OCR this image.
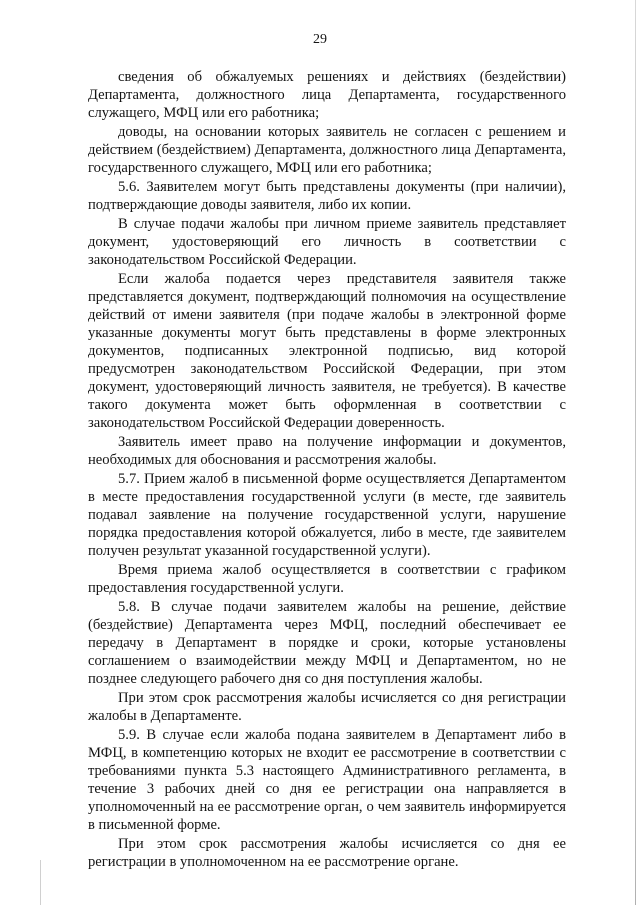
29

сведения об обжалуемых решениях и действиях (бездействии) Департамента, должностного лица Департамента, государственного служащего, МФЦ или его работника;

доводы, на основании которых заявитель не согласен с решением и действием (бездействием) Департамента, должностного лица Департамента, государственного служащего, МФЦ или его работника;

5.6. Заявителем могут быть представлены документы (при наличии), подтверждающие доводы заявителя, либо их копии.

В случае подачи жалобы при личном приеме заявитель представляет документ, удостоверяющий его личность в соответствии с законодательством Российской Федерации.

Если жалоба подается через представителя заявителя также представляется документ, подтверждающий полномочия на осуществление действий от имени заявителя (при подаче жалобы в электронной форме указанные документы могут быть представлены в форме электронных документов, подписанных электронной подписью, вид которой предусмотрен законодательством Российской Федерации, при этом документ, удостоверяющий личность заявителя, не требуется). В качестве такого документа может быть оформленная в соответствии с законодательством Российской Федерации доверенность.

Заявитель имеет право на получение информации и документов, необходимых для обоснования и рассмотрения жалобы.

5.7. Прием жалоб в письменной форме осуществляется Департаментом в месте предоставления государственной услуги (в месте, где заявитель подавал заявление на получение государственной услуги, нарушение порядка предоставления которой обжалуется, либо в месте, где заявителем получен результат указанной государственной услуги).

Время приема жалоб осуществляется в соответствии с графиком предоставления государственной услуги.

5.8. В случае подачи заявителем жалобы на решение, действие (бездействие) Департамента через МФЦ, последний обеспечивает ее передачу в Департамент в порядке и сроки, которые установлены соглашением о взаимодействии между МФЦ и Департаментом, но не позднее следующего рабочего дня со дня поступления жалобы.

При этом срок рассмотрения жалобы исчисляется со дня регистрации жалобы в Департаменте.

5.9. В случае если жалоба подана заявителем в Департамент либо в МФЦ, в компетенцию которых не входит ее рассмотрение в соответствии с требованиями пункта 5.3 настоящего Административного регламента, в течение 3 рабочих дней со дня ее регистрации она направляется в уполномоченный на ее рассмотрение орган, о чем заявитель информируется в письменной форме.

При этом срок рассмотрения жалобы исчисляется со дня ее регистрации в уполномоченном на ее рассмотрение органе.
